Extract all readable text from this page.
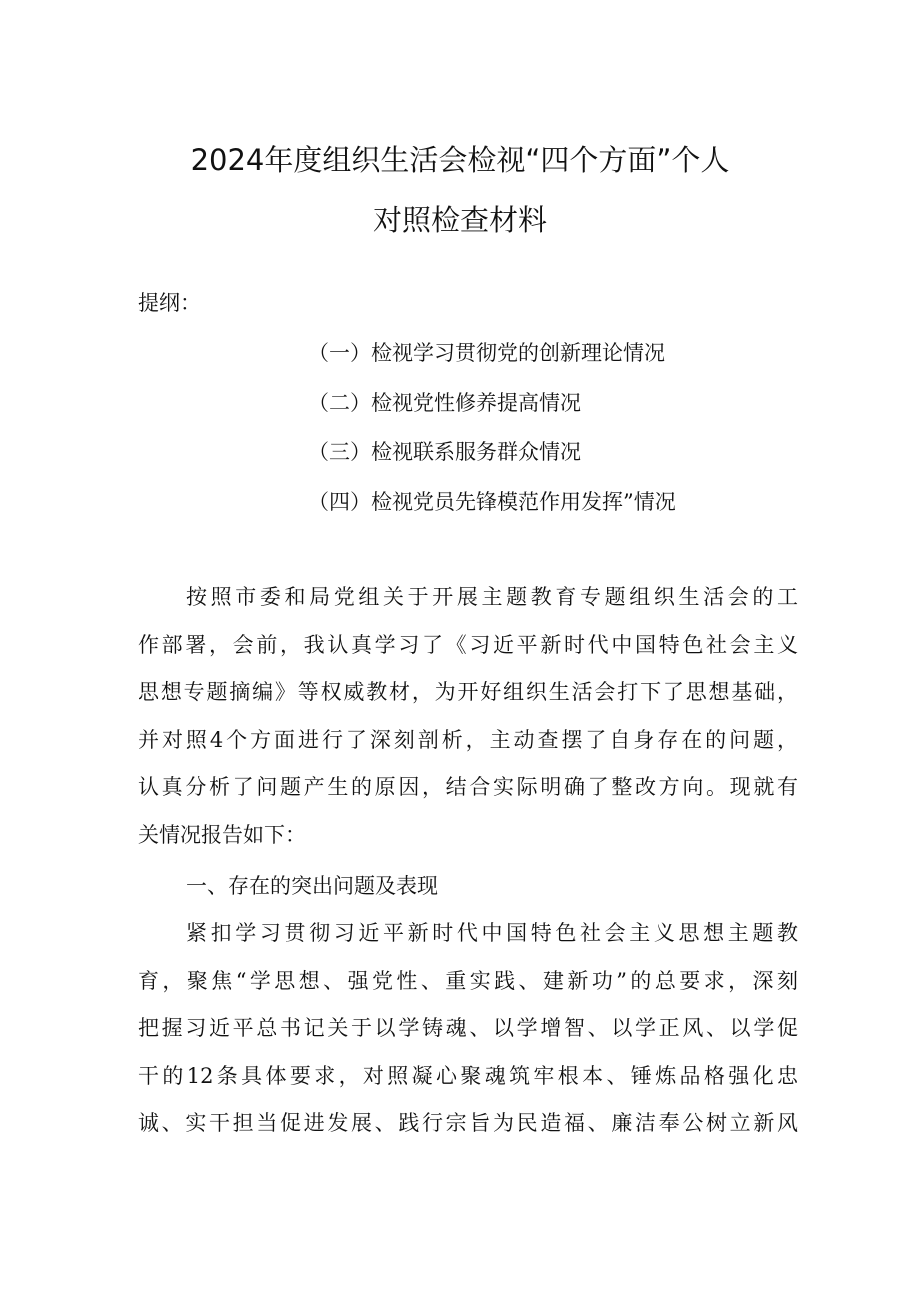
2024年度组织生活会检视“四个方面”个人
对照检查材料
提纲：
（一）检视学习贯彻党的创新理论情况
（二）检视党性修养提高情况
（三）检视联系服务群众情况
（四）检视党员先锋模范作用发挥”情况
按照市委和局党组关于开展主题教育专题组织生活会的工
作部署，会前，我认真学习了《习近平新时代中国特色社会主义
思想专题摘编》等权威教材，为开好组织生活会打下了思想基础，
并对照4个方面进行了深刻剖析，主动查摆了自身存在的问题，
认真分析了问题产生的原因，结合实际明确了整改方向。现就有
关情况报告如下：
一、存在的突出问题及表现
紧扣学习贯彻习近平新时代中国特色社会主义思想主题教
育，聚焦“学思想、强党性、重实践、建新功”的总要求，深刻
把握习近平总书记关于以学铸魂、以学增智、以学正风、以学促
干的12条具体要求，对照凝心聚魂筑牢根本、锤炼品格强化忠
诚、实干担当促进发展、践行宗旨为民造福、廉洁奉公树立新风
